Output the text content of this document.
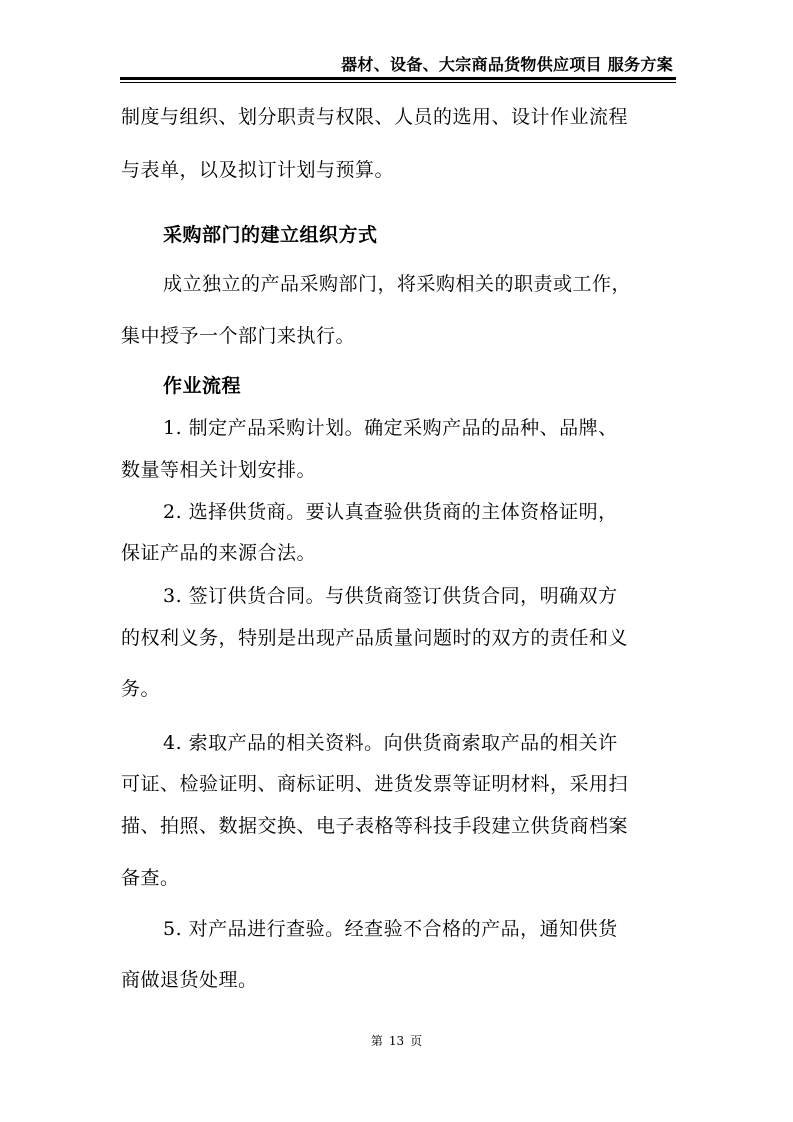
器材、设备、大宗商品货物供应项目 服务方案
制度与组织、划分职责与权限、人员的选用、设计作业流程
与表单，以及拟订计划与预算。
采购部门的建立组织方式
成立独立的产品采购部门，将采购相关的职责或工作，
集中授予一个部门来执行。
作业流程
1. 制定产品采购计划。确定采购产品的品种、品牌、
数量等相关计划安排。
2. 选择供货商。要认真查验供货商的主体资格证明，
保证产品的来源合法。
3. 签订供货合同。与供货商签订供货合同，明确双方
的权利义务，特别是出现产品质量问题时的双方的责任和义
务。
4. 索取产品的相关资料。向供货商索取产品的相关许
可证、检验证明、商标证明、进货发票等证明材料，采用扫
描、拍照、数据交换、电子表格等科技手段建立供货商档案
备查。
5. 对产品进行查验。经查验不合格的产品，通知供货
商做退货处理。
第 13 页
